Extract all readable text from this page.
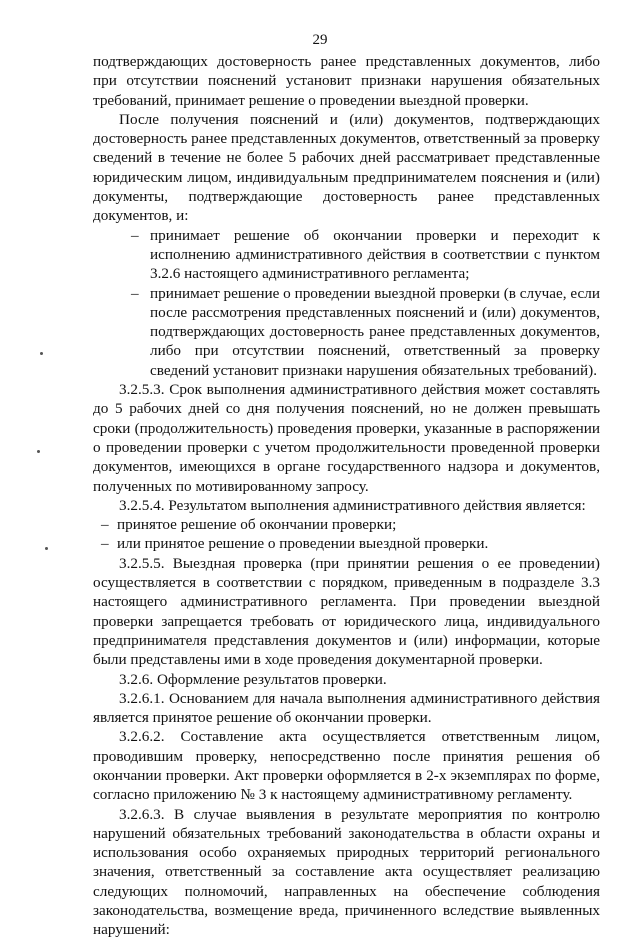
29

подтверждающих достоверность ранее представленных документов, либо при отсутствии пояснений установит признаки нарушения обязательных требований, принимает решение о проведении выездной проверки.

После получения пояснений и (или) документов, подтверждающих достоверность ранее представленных документов, ответственный за проверку сведений в течение не более 5 рабочих дней рассматривает представленные юридическим лицом, индивидуальным предпринимателем пояснения и (или) документы, подтверждающие достоверность ранее представленных документов, и:

– принимает решение об окончании проверки и переходит к исполнению административного действия в соответствии с пунктом 3.2.6 настоящего административного регламента;
– принимает решение о проведении выездной проверки (в случае, если после рассмотрения представленных пояснений и (или) документов, подтверждающих достоверность ранее представленных документов, либо при отсутствии пояснений, ответственный за проверку сведений установит признаки нарушения обязательных требований).

3.2.5.3. Срок выполнения административного действия может составлять до 5 рабочих дней со дня получения пояснений, но не должен превышать сроки (продолжительность) проведения проверки, указанные в распоряжении о проведении проверки с учетом продолжительности проведенной проверки документов, имеющихся в органе государственного надзора и документов, полученных по мотивированному запросу.

3.2.5.4. Результатом выполнения административного действия является:

– принятое решение об окончании проверки;
– или принятое решение о проведении выездной проверки.

3.2.5.5. Выездная проверка (при принятии решения о ее проведении) осуществляется в соответствии с порядком, приведенным в подразделе 3.3 настоящего административного регламента. При проведении выездной проверки запрещается требовать от юридического лица, индивидуального предпринимателя представления документов и (или) информации, которые были представлены ими в ходе проведения документарной проверки.

3.2.6. Оформление результатов проверки.

3.2.6.1. Основанием для начала выполнения административного действия является принятое решение об окончании проверки.

3.2.6.2. Составление акта осуществляется ответственным лицом, проводившим проверку, непосредственно после принятия решения об окончании проверки. Акт проверки оформляется в 2-х экземплярах по форме, согласно приложению № 3 к настоящему административному регламенту.

3.2.6.3. В случае выявления в результате мероприятия по контролю нарушений обязательных требований законодательства в области охраны и использования особо охраняемых природных территорий регионального значения, ответственный за составление акта осуществляет реализацию следующих полномочий, направленных на обеспечение соблюдения законодательства, возмещение вреда, причиненного вследствие выявленных нарушений:
